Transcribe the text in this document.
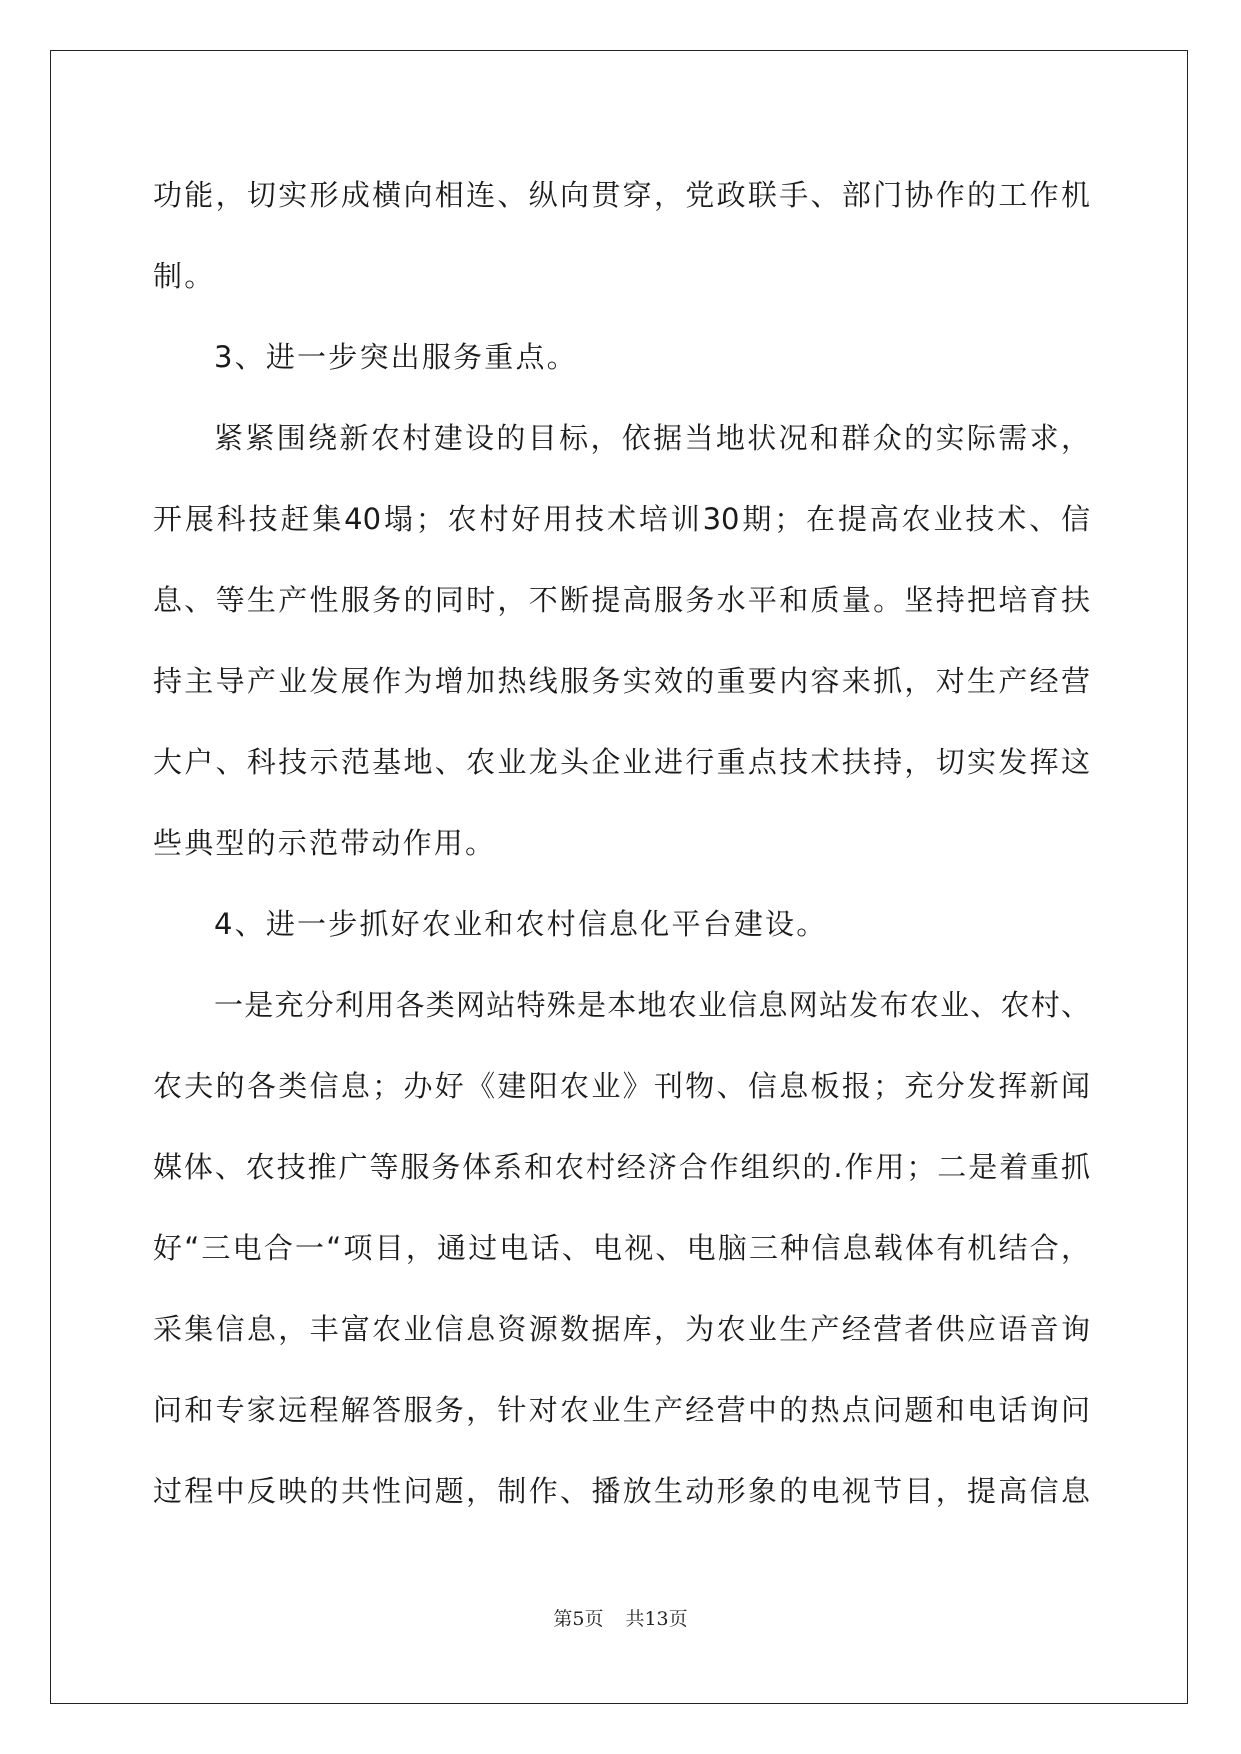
功能，切实形成横向相连、纵向贯穿，党政联手、部门协作的工作机
制。
3、进一步突出服务重点。
紧紧围绕新农村建设的目标，依据当地状况和群众的实际需求，
开展科技赶集40塌；农村好用技术培训30期；在提高农业技术、信
息、等生产性服务的同时，不断提高服务水平和质量。坚持把培育扶
持主导产业发展作为增加热线服务实效的重要内容来抓，对生产经营
大户、科技示范基地、农业龙头企业进行重点技术扶持，切实发挥这
些典型的示范带动作用。
4、进一步抓好农业和农村信息化平台建设。
一是充分利用各类网站特殊是本地农业信息网站发布农业、农村、
农夫的各类信息；办好《建阳农业》刊物、信息板报；充分发挥新闻
媒体、农技推广等服务体系和农村经济合作组织的.作用；二是着重抓
好“三电合一“项目，通过电话、电视、电脑三种信息载体有机结合，
采集信息，丰富农业信息资源数据库，为农业生产经营者供应语音询
问和专家远程解答服务，针对农业生产经营中的热点问题和电话询问
过程中反映的共性问题，制作、播放生动形象的电视节目，提高信息
第5页 共13页
